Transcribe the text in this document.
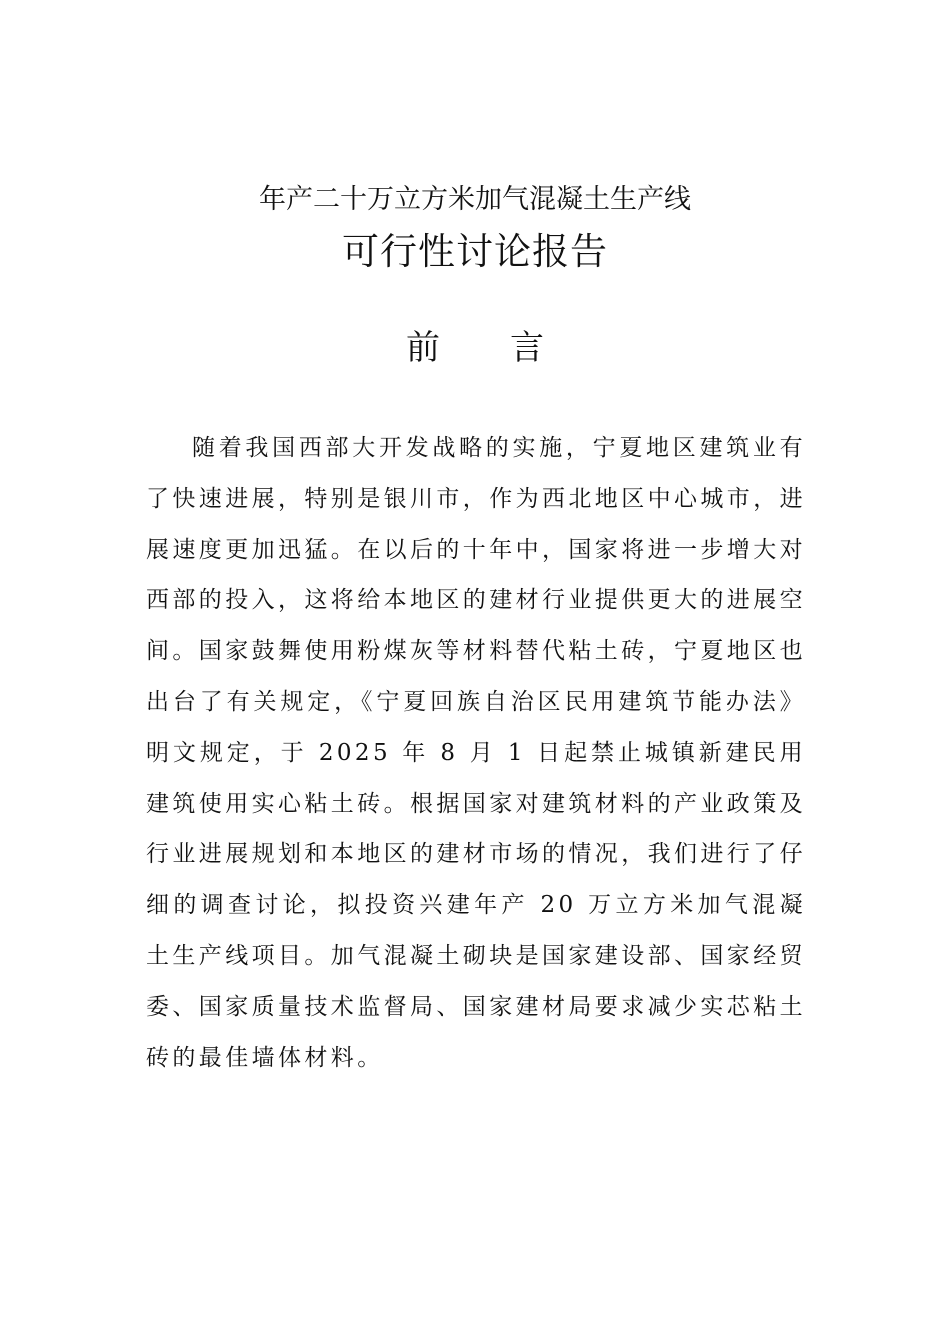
年产二十万立方米加气混凝土生产线
可行性讨论报告
前 言

随着我国西部大开发战略的实施，宁夏地区建筑业有了快速进展，特别是银川市，作为西北地区中心城市，进展速度更加迅猛。在以后的十年中，国家将进一步增大对西部的投入，这将给本地区的建材行业提供更大的进展空间。国家鼓舞使用粉煤灰等材料替代粘土砖，宁夏地区也出台了有关规定，《宁夏回族自治区民用建筑节能办法》明文规定，于 2025 年 8 月 1 日起禁止城镇新建民用建筑使用实心粘土砖。根据国家对建筑材料的产业政策及行业进展规划和本地区的建材市场的情况，我们进行了仔细的调查讨论，拟投资兴建年产 20 万立方米加气混凝土生产线项目。加气混凝土砌块是国家建设部、国家经贸委、国家质量技术监督局、国家建材局要求减少实芯粘土砖的最佳墙体材料。
